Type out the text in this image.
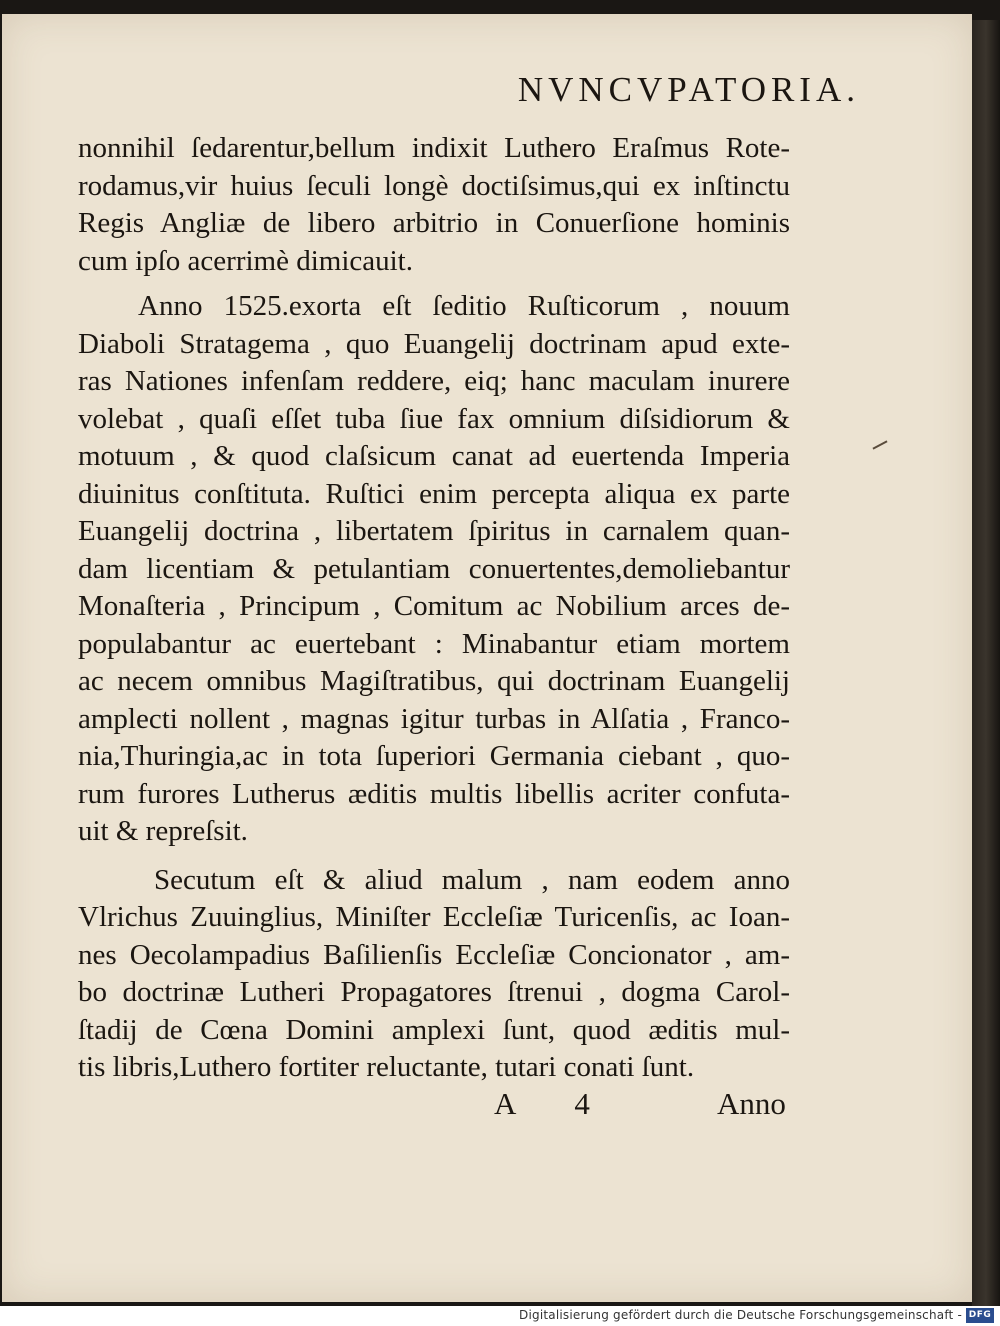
NVNCVPATORIA.
nonnihil ſedarentur,bellum indixit Luthero Eraſmus Rote-
rodamus,vir huius ſeculi longè doctiſsimus,qui ex inſtinctu
Regis Angliæ de libero arbitrio in Conuerſione hominis
cum ipſo acerrimè dimicauit.
Anno 1525.exorta eſt ſeditio Ruſticorum , nouum
Diaboli Stratagema , quo Euangelij doctrinam apud exte-
ras Nationes infenſam reddere, eiq; hanc maculam inurere
volebat , quaſi eſſet tuba ſiue fax omnium diſsidiorum &
motuum , & quod claſsicum canat ad euertenda Imperia
diuinitus conſtituta. Ruſtici enim percepta aliqua ex parte
Euangelij doctrina , libertatem ſpiritus in carnalem quan-
dam licentiam & petulantiam conuertentes,demoliebantur
Monaſteria , Principum , Comitum ac Nobilium arces de-
populabantur ac euertebant : Minabantur etiam mortem
ac necem omnibus Magiſtratibus, qui doctrinam Euangelij
amplecti nollent , magnas igitur turbas in Alſatia , Franco-
nia,Thuringia,ac in tota ſuperiori Germania ciebant , quo-
rum furores Lutherus æditis multis libellis acriter confuta-
uit & repreſsit.
Secutum eſt & aliud malum , nam eodem anno
Vlrichus Zuuinglius, Miniſter Eccleſiæ Turicenſis, ac Ioan-
nes Oecolampadius Baſilienſis Eccleſiæ Concionator , am-
bo doctrinæ Lutheri Propagatores ſtrenui , dogma Carol-
ſtadij de Cœna Domini amplexi ſunt, quod æditis mul-
tis libris,Luthero fortiter reluctante, tutari conati ſunt.
A 4	Anno
Digitalisierung gefördert durch die Deutsche Forschungsgemeinschaft - DFG
